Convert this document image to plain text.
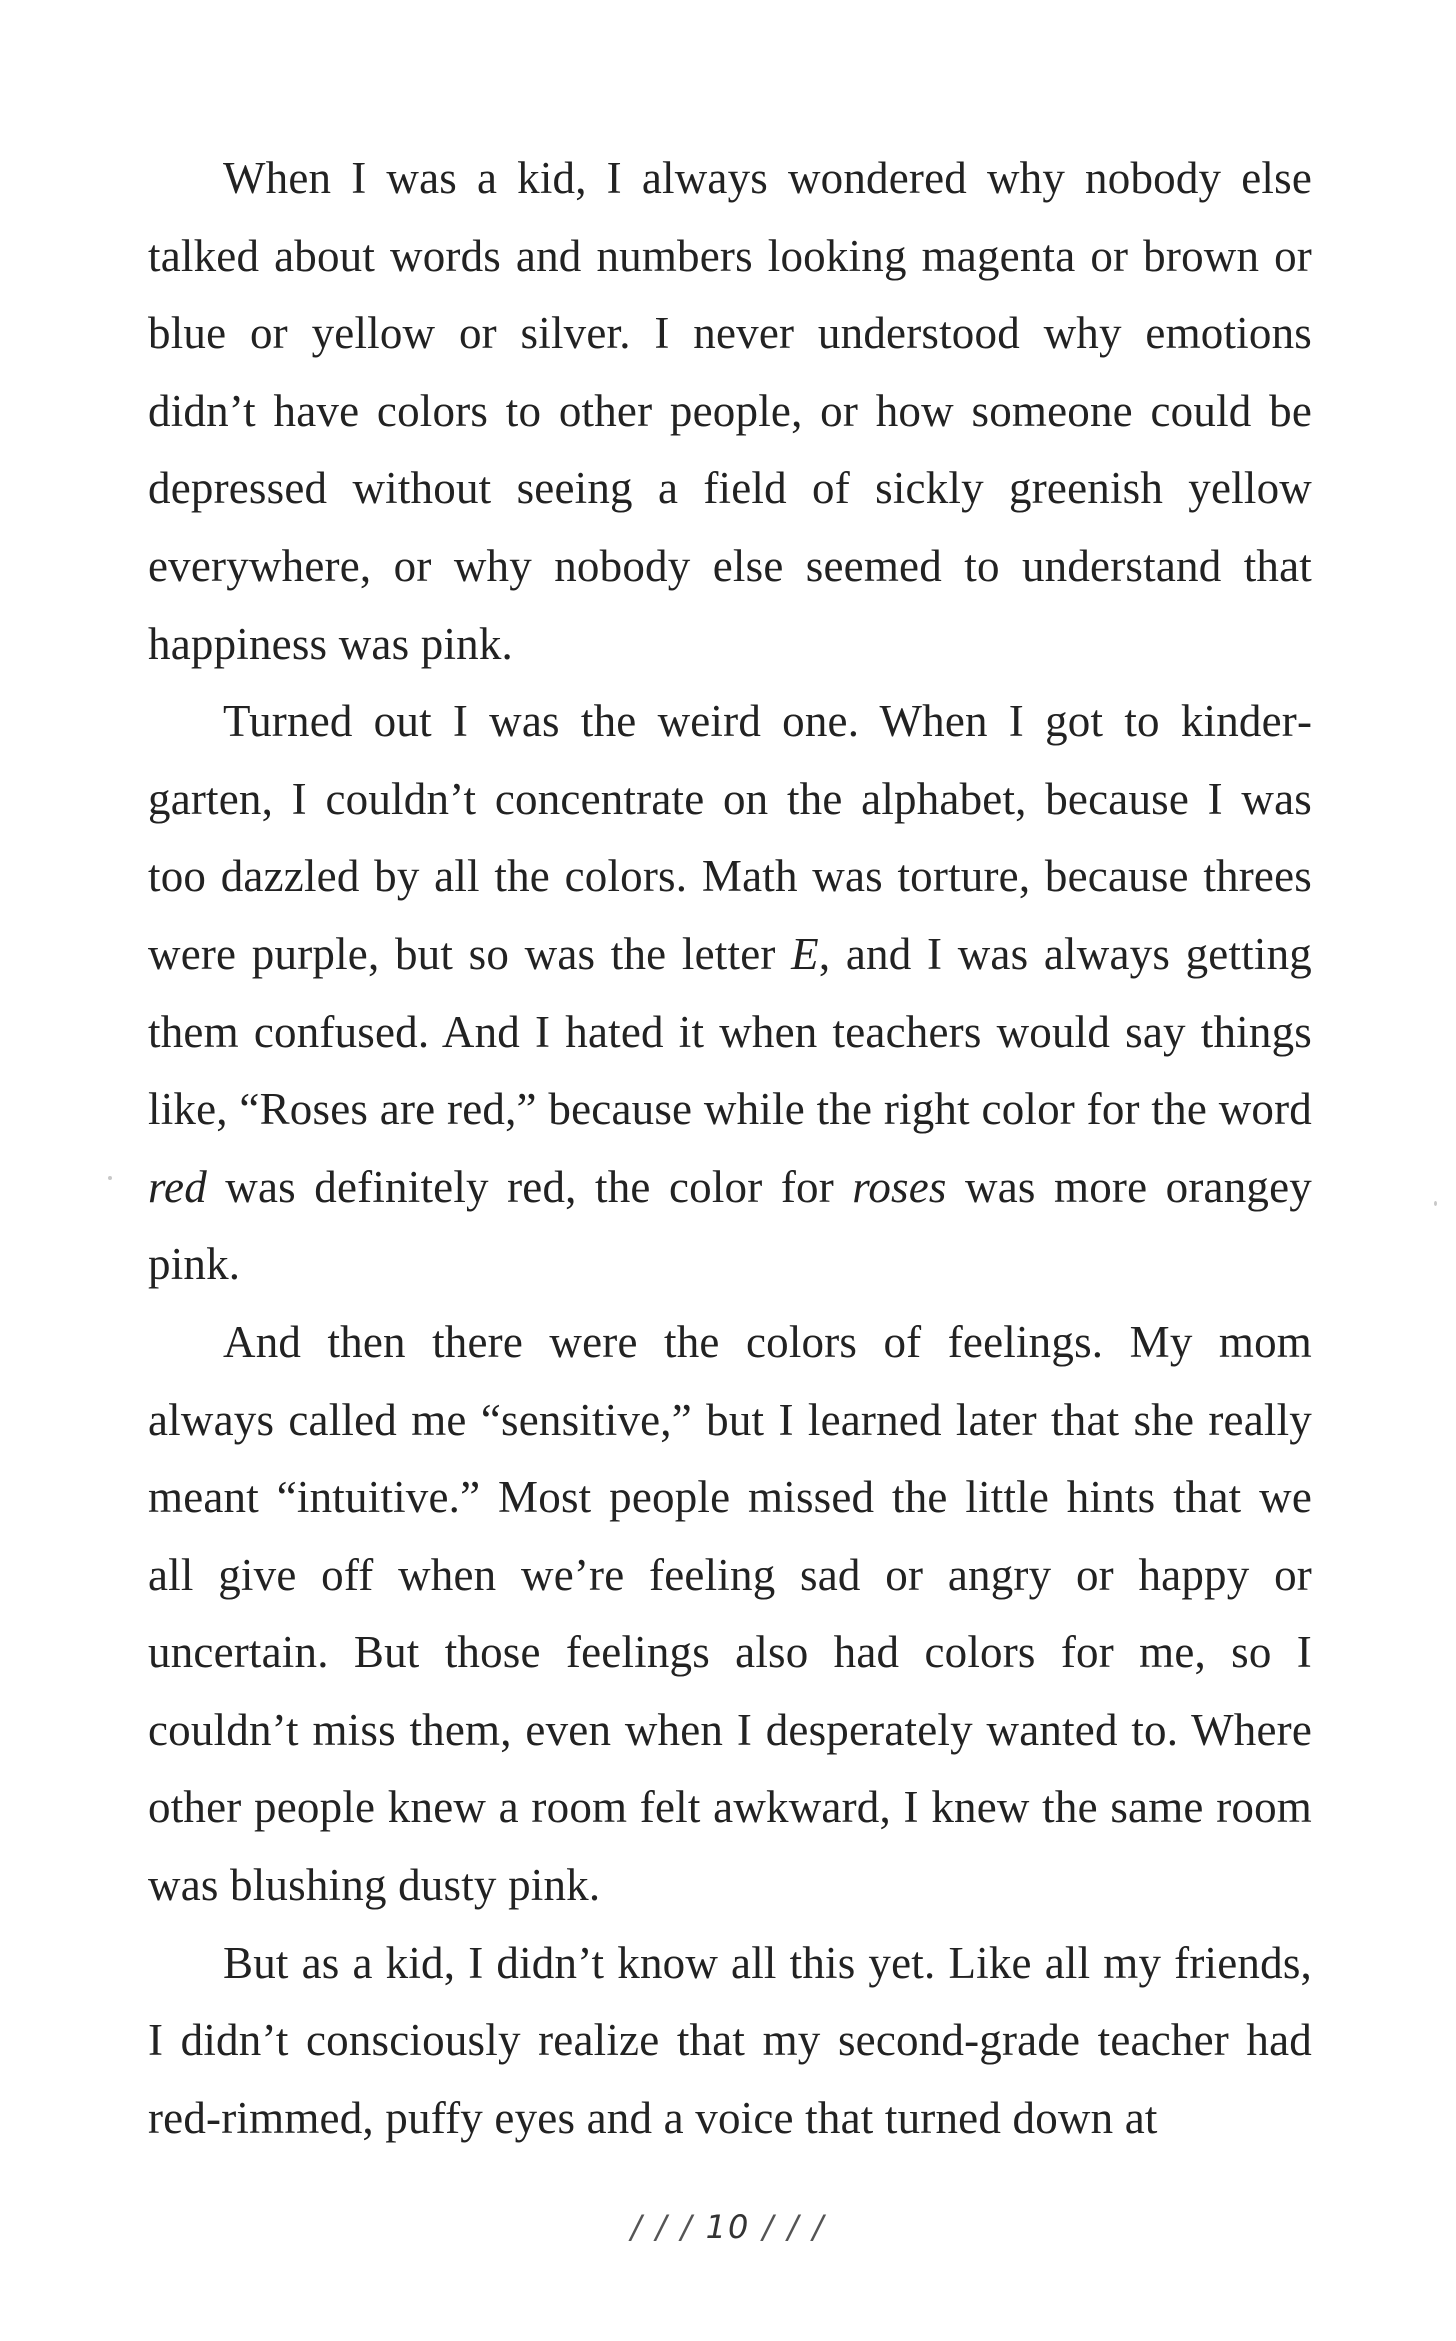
When I was a kid, I always wondered why nobody else talked about words and numbers looking magenta or brown or blue or yellow or silver. I never understood why emotions didn’t have colors to other people, or how someone could be depressed without seeing a field of sickly greenish yellow everywhere, or why nobody else seemed to understand that happiness was pink.

Turned out I was the weird one. When I got to kindergarten, I couldn’t concentrate on the alphabet, because I was too dazzled by all the colors. Math was torture, because threes were purple, but so was the letter E, and I was always getting them confused. And I hated it when teachers would say things like, “Roses are red,” because while the right color for the word red was definitely red, the color for roses was more orangey pink.

And then there were the colors of feelings. My mom always called me “sensitive,” but I learned later that she really meant “intuitive.” Most people missed the little hints that we all give off when we’re feeling sad or angry or happy or uncertain. But those feelings also had colors for me, so I couldn’t miss them, even when I desperately wanted to. Where other people knew a room felt awkward, I knew the same room was blushing dusty pink.

But as a kid, I didn’t know all this yet. Like all my friends, I didn’t consciously realize that my second-grade teacher had red-rimmed, puffy eyes and a voice that turned down at

/ / / 10 / / /
